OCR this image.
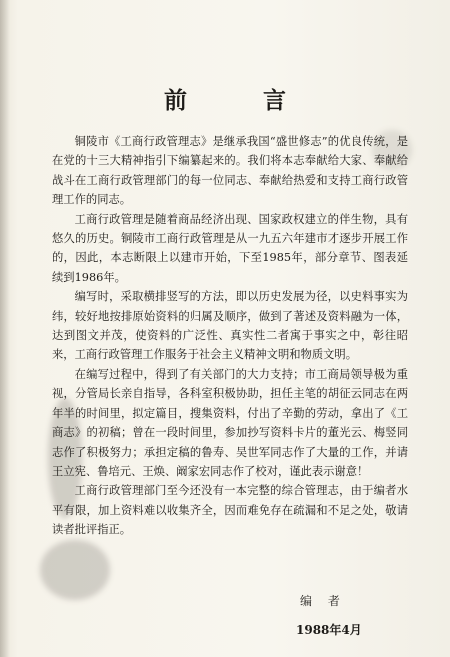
前 言

铜陵市《工商行政管理志》是继承我国“盛世修志”的优良传统，是在党的十三大精神指引下编纂起来的。我们将本志奉献给大家、奉献给战斗在工商行政管理部门的每一位同志、奉献给热爱和支持工商行政管理工作的同志。

工商行政管理是随着商品经济出现、国家政权建立的伴生物，具有悠久的历史。铜陵市工商行政管理是从一九五六年建市才逐步开展工作的，因此，本志断限上以建市开始，下至1985年，部分章节、图表延续到1986年。

编写时，采取横排竖写的方法，即以历史发展为径，以史料事实为纬，较好地按排原始资料的归属及顺序，做到了著述及资料融为一体，达到图文并茂，使资料的广泛性、真实性二者寓于事实之中，彰往昭来，工商行政管理工作服务于社会主义精神文明和物质文明。

在编写过程中，得到了有关部门的大力支持；市工商局领导极为重视，分管局长亲自指导，各科室积极协助，担任主笔的胡征云同志在两年半的时间里，拟定篇目，搜集资料，付出了辛勤的劳动，拿出了《工商志》的初稿；曾在一段时间里，参加抄写资料卡片的董光云、梅竖同志作了积极努力；承担定稿的鲁寿、吴世军同志作了大量的工作，并请王立宪、鲁培元、王焕、阚家宏同志作了校对，谨此表示谢意！

工商行政管理部门至今还没有一本完整的综合管理志，由于编者水平有限，加上资料难以收集齐全，因而难免存在疏漏和不足之处，敬请读者批评指正。

编 者
1988年4月
